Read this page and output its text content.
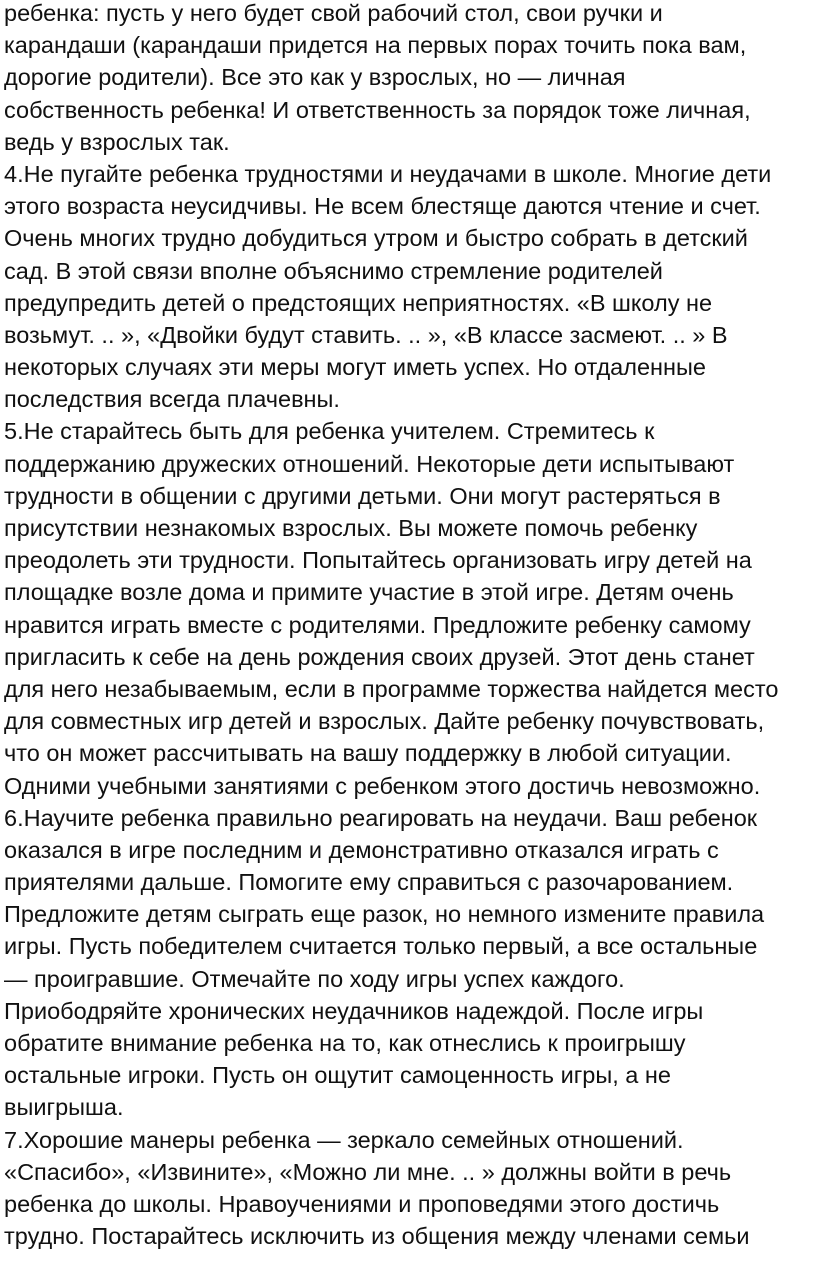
ребенка: пусть у него будет свой рабочий стол, свои ручки и
карандаши (карандаши придется на первых порах точить пока вам,
дорогие родители). Все это как у взрослых, но — личная
собственность ребенка! И ответственность за порядок тоже личная,
ведь у взрослых так.
4.Не пугайте ребенка трудностями и неудачами в школе. Многие дети
этого возраста неусидчивы. Не всем блестяще даются чтение и счет.
Очень многих трудно добудиться утром и быстро собрать в детский
сад. В этой связи вполне объяснимо стремление родителей
предупредить детей о предстоящих неприятностях. «В школу не
возьмут. .. », «Двойки будут ставить. .. », «В классе засмеют. .. » В
некоторых случаях эти меры могут иметь успех. Но отдаленные
последствия всегда плачевны.
5.Не старайтесь быть для ребенка учителем. Стремитесь к
поддержанию дружеских отношений. Некоторые дети испытывают
трудности в общении с другими детьми. Они могут растеряться в
присутствии незнакомых взрослых. Вы можете помочь ребенку
преодолеть эти трудности. Попытайтесь организовать игру детей на
площадке возле дома и примите участие в этой игре. Детям очень
нравится играть вместе с родителями. Предложите ребенку самому
пригласить к себе на день рождения своих друзей. Этот день станет
для него незабываемым, если в программе торжества найдется место
для совместных игр детей и взрослых. Дайте ребенку почувствовать,
что он может рассчитывать на вашу поддержку в любой ситуации.
Одними учебными занятиями с ребенком этого достичь невозможно.
6.Научите ребенка правильно реагировать на неудачи. Ваш ребенок
оказался в игре последним и демонстративно отказался играть с
приятелями дальше. Помогите ему справиться с разочарованием.
Предложите детям сыграть еще разок, но немного измените правила
игры. Пусть победителем считается только первый, а все остальные
— проигравшие. Отмечайте по ходу игры успех каждого.
Приободряйте хронических неудачников надеждой. После игры
обратите внимание ребенка на то, как отнеслись к проигрышу
остальные игроки. Пусть он ощутит самоценность игры, а не
выигрыша.
7.Хорошие манеры ребенка — зеркало семейных отношений.
«Спасибо», «Извините», «Можно ли мне. .. » должны войти в речь
ребенка до школы. Нравоучениями и проповедями этого достичь
трудно. Постарайтесь исключить из общения между членами семьи
